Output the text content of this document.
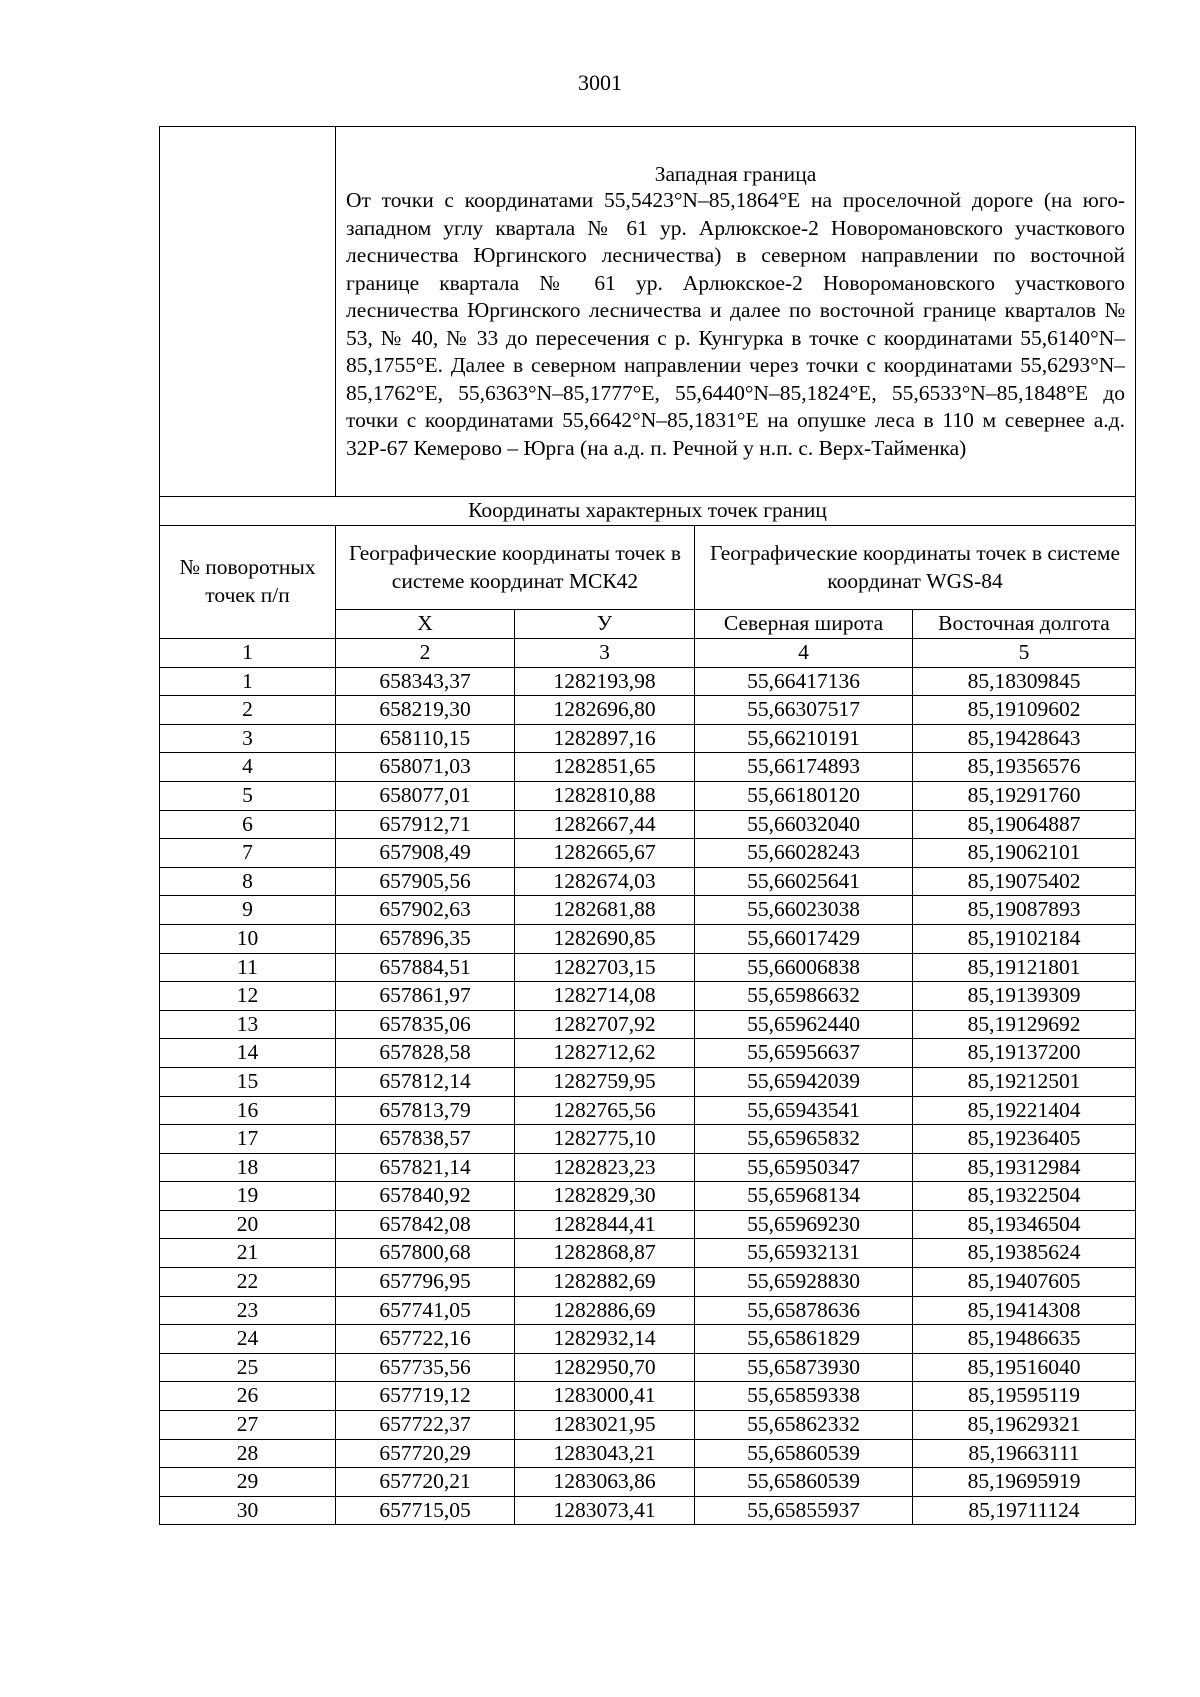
3001

	Западная граница
От точки с координатами 55,5423°N–85,1864°E на проселочной дороге (на юго-западном углу квартала № 61 ур. Арлюкское-2 Новоромановского участкового лесничества Юргинского лесничества) в северном направлении по восточной границе квартала № 61 ур. Арлюкское-2 Новоромановского участкового лесничества Юргинского лесничества и далее по восточной границе кварталов № 53, № 40, № 33 до пересечения с р. Кунгурка в точке с координатами 55,6140°N–85,1755°E. Далее в северном направлении через точки с координатами 55,6293°N–85,1762°E, 55,6363°N–85,1777°E, 55,6440°N–85,1824°E, 55,6533°N–85,1848°E до точки с координатами 55,6642°N–85,1831°E на опушке леса в 110 м севернее а.д. 32Р-67 Кемерово – Юрга (на а.д. п. Речной у н.п. с. Верх-Тайменка)			

Координаты характерных точек границ				
№ поворотных точек п/п	Географические координаты точек в системе координат МСК42		Географические координаты точек в системе координат WGS-84	
	Х	У	Северная широта	Восточная долгота
1	2	3	4	5
1	658343,37	1282193,98	55,66417136	85,18309845
2	658219,30	1282696,80	55,66307517	85,19109602
3	658110,15	1282897,16	55,66210191	85,19428643
4	658071,03	1282851,65	55,66174893	85,19356576
5	658077,01	1282810,88	55,66180120	85,19291760
6	657912,71	1282667,44	55,66032040	85,19064887
7	657908,49	1282665,67	55,66028243	85,19062101
8	657905,56	1282674,03	55,66025641	85,19075402
9	657902,63	1282681,88	55,66023038	85,19087893
10	657896,35	1282690,85	55,66017429	85,19102184
11	657884,51	1282703,15	55,66006838	85,19121801
12	657861,97	1282714,08	55,65986632	85,19139309
13	657835,06	1282707,92	55,65962440	85,19129692
14	657828,58	1282712,62	55,65956637	85,19137200
15	657812,14	1282759,95	55,65942039	85,19212501
16	657813,79	1282765,56	55,65943541	85,19221404
17	657838,57	1282775,10	55,65965832	85,19236405
18	657821,14	1282823,23	55,65950347	85,19312984
19	657840,92	1282829,30	55,65968134	85,19322504
20	657842,08	1282844,41	55,65969230	85,19346504
21	657800,68	1282868,87	55,65932131	85,19385624
22	657796,95	1282882,69	55,65928830	85,19407605
23	657741,05	1282886,69	55,65878636	85,19414308
24	657722,16	1282932,14	55,65861829	85,19486635
25	657735,56	1282950,70	55,65873930	85,19516040
26	657719,12	1283000,41	55,65859338	85,19595119
27	657722,37	1283021,95	55,65862332	85,19629321
28	657720,29	1283043,21	55,65860539	85,19663111
29	657720,21	1283063,86	55,65860539	85,19695919
30	657715,05	1283073,41	55,65855937	85,19711124
